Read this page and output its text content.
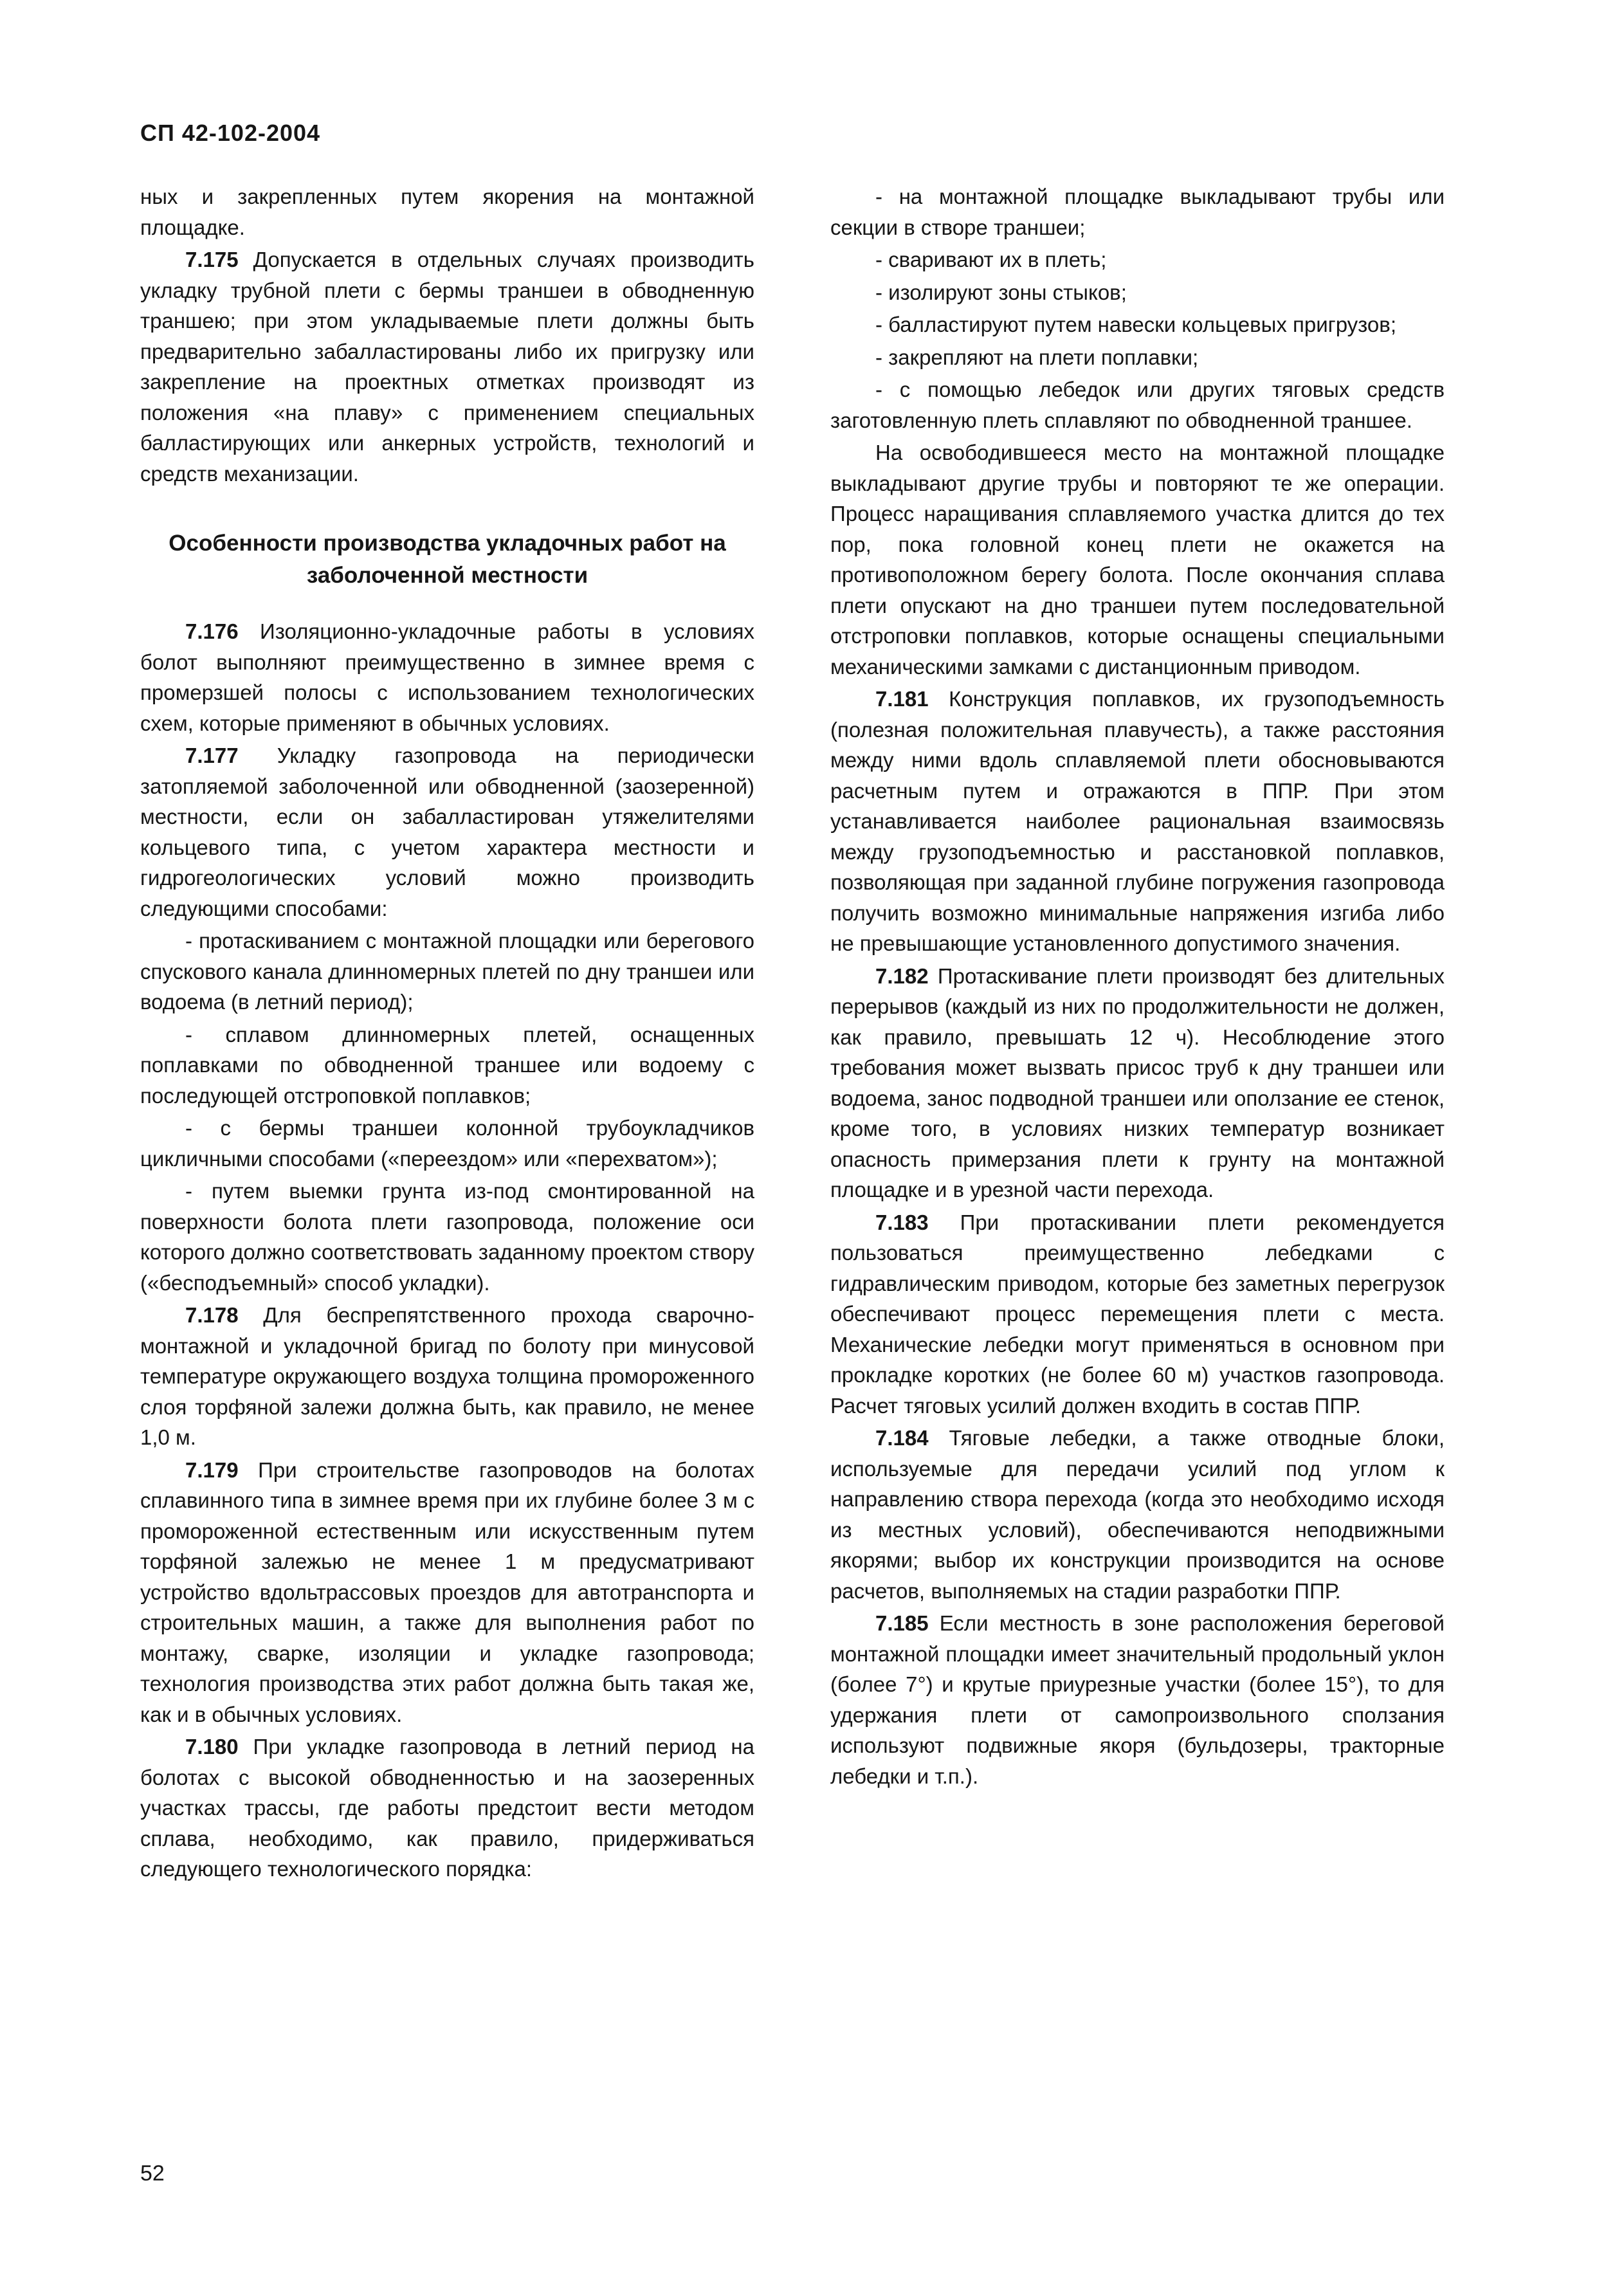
СП 42-102-2004

ных и закрепленных путем якорения на монтажной площадке.

7.175 Допускается в отдельных случаях производить укладку трубной плети с бермы траншеи в обводненную траншею; при этом укладываемые плети должны быть предварительно забалластированы либо их пригрузку или закрепление на проектных отметках производят из положения «на плаву» с применением специальных балластирующих или анкерных устройств, технологий и средств механизации.

Особенности производства укладочных работ на заболоченной местности

7.176 Изоляционно-укладочные работы в условиях болот выполняют преимущественно в зимнее время с промерзшей полосы с использованием технологических схем, которые применяют в обычных условиях.

7.177 Укладку газопровода на периодически затопляемой заболоченной или обводненной (заозеренной) местности, если он забалластирован утяжелителями кольцевого типа, с учетом характера местности и гидрогеологических условий можно производить следующими способами:

- протаскиванием с монтажной площадки или берегового спускового канала длинномерных плетей по дну траншеи или водоема (в летний период);

- сплавом длинномерных плетей, оснащенных поплавками по обводненной траншее или водоему с последующей отстроповкой поплавков;

- с бермы траншеи колонной трубоукладчиков цикличными способами («переездом» или «перехватом»);

- путем выемки грунта из-под смонтированной на поверхности болота плети газопровода, положение оси которого должно соответствовать заданному проектом створу («бесподъемный» способ укладки).

7.178 Для беспрепятственного прохода сварочно-монтажной и укладочной бригад по болоту при минусовой температуре окружающего воздуха толщина промороженного слоя торфяной залежи должна быть, как правило, не менее 1,0 м.

7.179 При строительстве газопроводов на болотах сплавинного типа в зимнее время при их глубине более 3 м с промороженной естественным или искусственным путем торфяной залежью не менее 1 м предусматривают устройство вдольтрассовых проездов для автотранспорта и строительных машин, а также для выполнения работ по монтажу, сварке, изоляции и укладке газопровода; технология производства этих работ должна быть такая же, как и в обычных условиях.

7.180 При укладке газопровода в летний период на болотах с высокой обводненностью и на заозеренных участках трассы, где работы предстоит вести методом сплава, необходимо, как правило, придерживаться следующего технологического порядка:

- на монтажной площадке выкладывают трубы или секции в створе траншеи;

- сваривают их в плеть;

- изолируют зоны стыков;

- балластируют путем навески кольцевых пригрузов;

- закрепляют на плети поплавки;

- с помощью лебедок или других тяговых средств заготовленную плеть сплавляют по обводненной траншее.

На освободившееся место на монтажной площадке выкладывают другие трубы и повторяют те же операции. Процесс наращивания сплавляемого участка длится до тех пор, пока головной конец плети не окажется на противоположном берегу болота. После окончания сплава плети опускают на дно траншеи путем последовательной отстроповки поплавков, которые оснащены специальными механическими замками с дистанционным приводом.

7.181 Конструкция поплавков, их грузоподъемность (полезная положительная плавучесть), а также расстояния между ними вдоль сплавляемой плети обосновываются расчетным путем и отражаются в ППР. При этом устанавливается наиболее рациональная взаимосвязь между грузоподъемностью и расстановкой поплавков, позволяющая при заданной глубине погружения газопровода получить возможно минимальные напряжения изгиба либо не превышающие установленного допустимого значения.

7.182 Протаскивание плети производят без длительных перерывов (каждый из них по продолжительности не должен, как правило, превышать 12 ч). Несоблюдение этого требования может вызвать присос труб к дну траншеи или водоема, занос подводной траншеи или оползание ее стенок, кроме того, в условиях низких температур возникает опасность примерзания плети к грунту на монтажной площадке и в урезной части перехода.

7.183 При протаскивании плети рекомендуется пользоваться преимущественно лебедками с гидравлическим приводом, которые без заметных перегрузок обеспечивают процесс перемещения плети с места. Механические лебедки могут применяться в основном при прокладке коротких (не более 60 м) участков газопровода. Расчет тяговых усилий должен входить в состав ППР.

7.184 Тяговые лебедки, а также отводные блоки, используемые для передачи усилий под углом к направлению створа перехода (когда это необходимо исходя из местных условий), обеспечиваются неподвижными якорями; выбор их конструкции производится на основе расчетов, выполняемых на стадии разработки ППР.

7.185 Если местность в зоне расположения береговой монтажной площадки имеет значительный продольный уклон (более 7°) и крутые приурезные участки (более 15°), то для удержания плети от самопроизвольного сползания используют подвижные якоря (бульдозеры, тракторные лебедки и т.п.).

52
